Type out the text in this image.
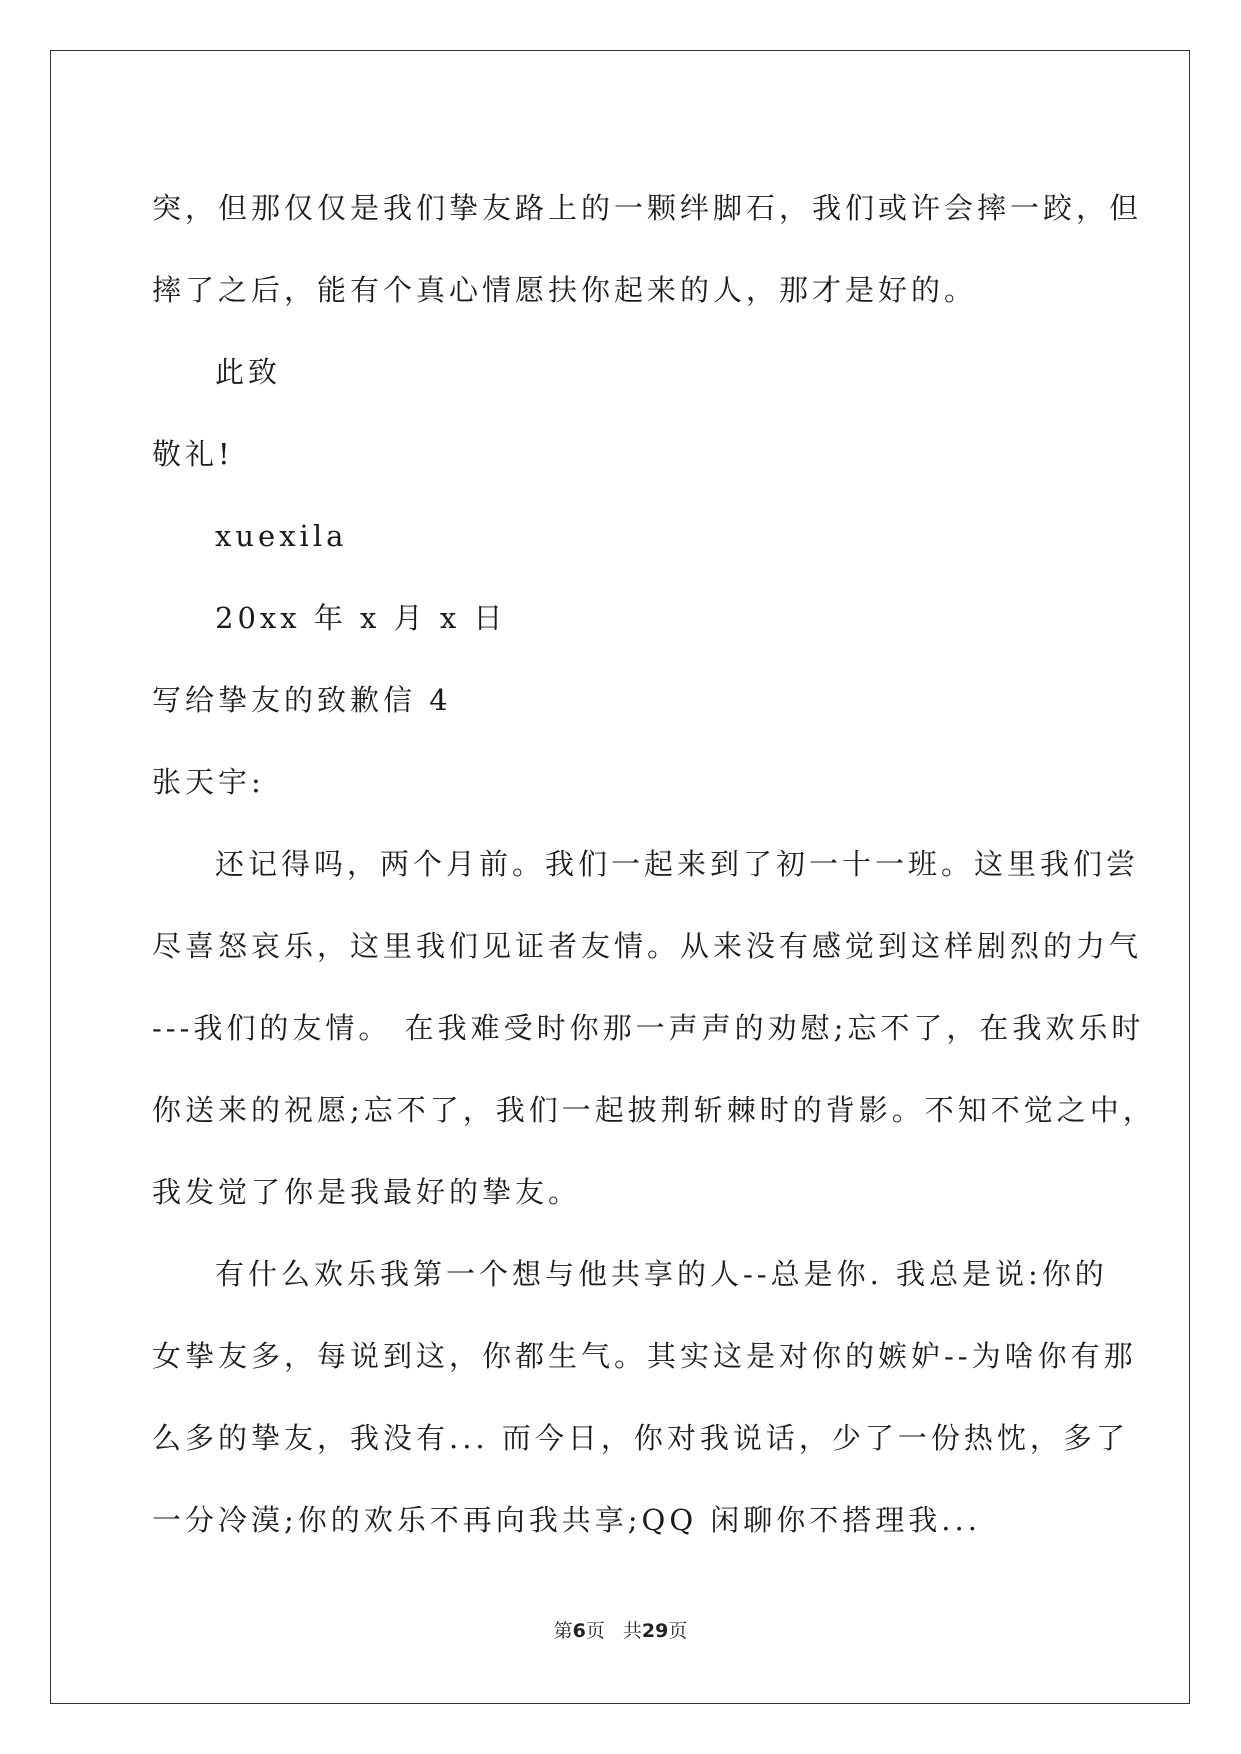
突，但那仅仅是我们挚友路上的一颗绊脚石，我们或许会摔一跤，但
摔了之后，能有个真心情愿扶你起来的人，那才是好的。
此致
敬礼!
xuexila
20xx 年 x 月 x 日
写给挚友的致歉信 4
张天宇:
还记得吗，两个月前。我们一起来到了初一十一班。这里我们尝
尽喜怒哀乐，这里我们见证者友情。从来没有感觉到这样剧烈的力气
---我们的友情。 在我难受时你那一声声的劝慰;忘不了，在我欢乐时
你送来的祝愿;忘不了，我们一起披荆斩棘时的背影。不知不觉之中，
我发觉了你是我最好的挚友。
有什么欢乐我第一个想与他共享的人--总是你. 我总是说:你的
女挚友多，每说到这，你都生气。其实这是对你的嫉妒--为啥你有那
么多的挚友，我没有... 而今日，你对我说话，少了一份热忱，多了
一分冷漠;你的欢乐不再向我共享;QQ 闲聊你不搭理我...
第6页 共29页
